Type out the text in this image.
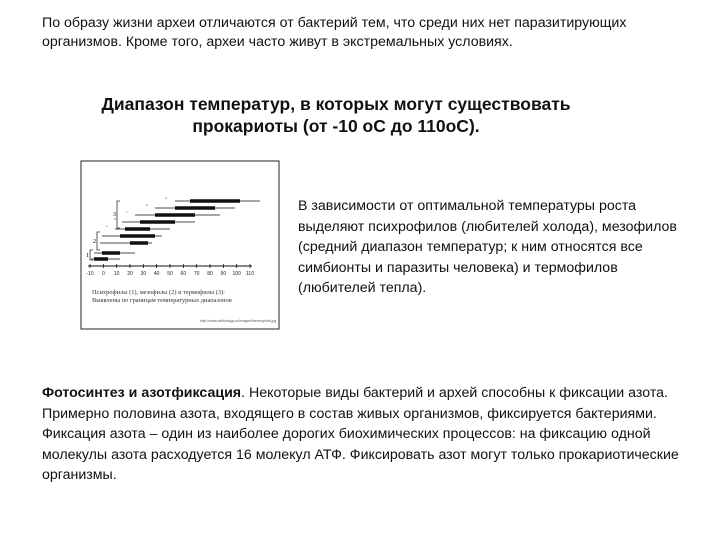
По образу жизни археи отличаются от бактерий тем, что среди них нет паразитирующих организмов. Кроме того, археи часто живут в экстремальных условиях.

Диапазон температур, в которых могут существовать
прокариоты (от -10 оС до 110оС).
3
2
1
a
b
c
d
e
-10 0 10 20 30 40 50 60 70 80 90 100 110
Психрофилы (1), мезофилы (2) и термофилы (3):
Выявлены по границам температурных диапазонов
http://www.cellbiology.ru/images/thermophils.jpg

В зависимости от оптимальной температуры роста выделяют психрофилов (любителей холода), мезофилов (средний диапазон температур; к ним относятся все симбионты и паразиты человека) и термофилов (любителей тепла).

Фотосинтез и азотфиксация. Некоторые виды бактерий и архей способны к фиксации азота. Примерно половина азота, входящего в состав живых организмов, фиксируется бактериями. Фиксация азота – один из наиболее дорогих биохимических процессов: на фиксацию одной молекулы азота расходуется 16 молекул АТФ. Фиксировать азот могут только прокариотические организмы.
